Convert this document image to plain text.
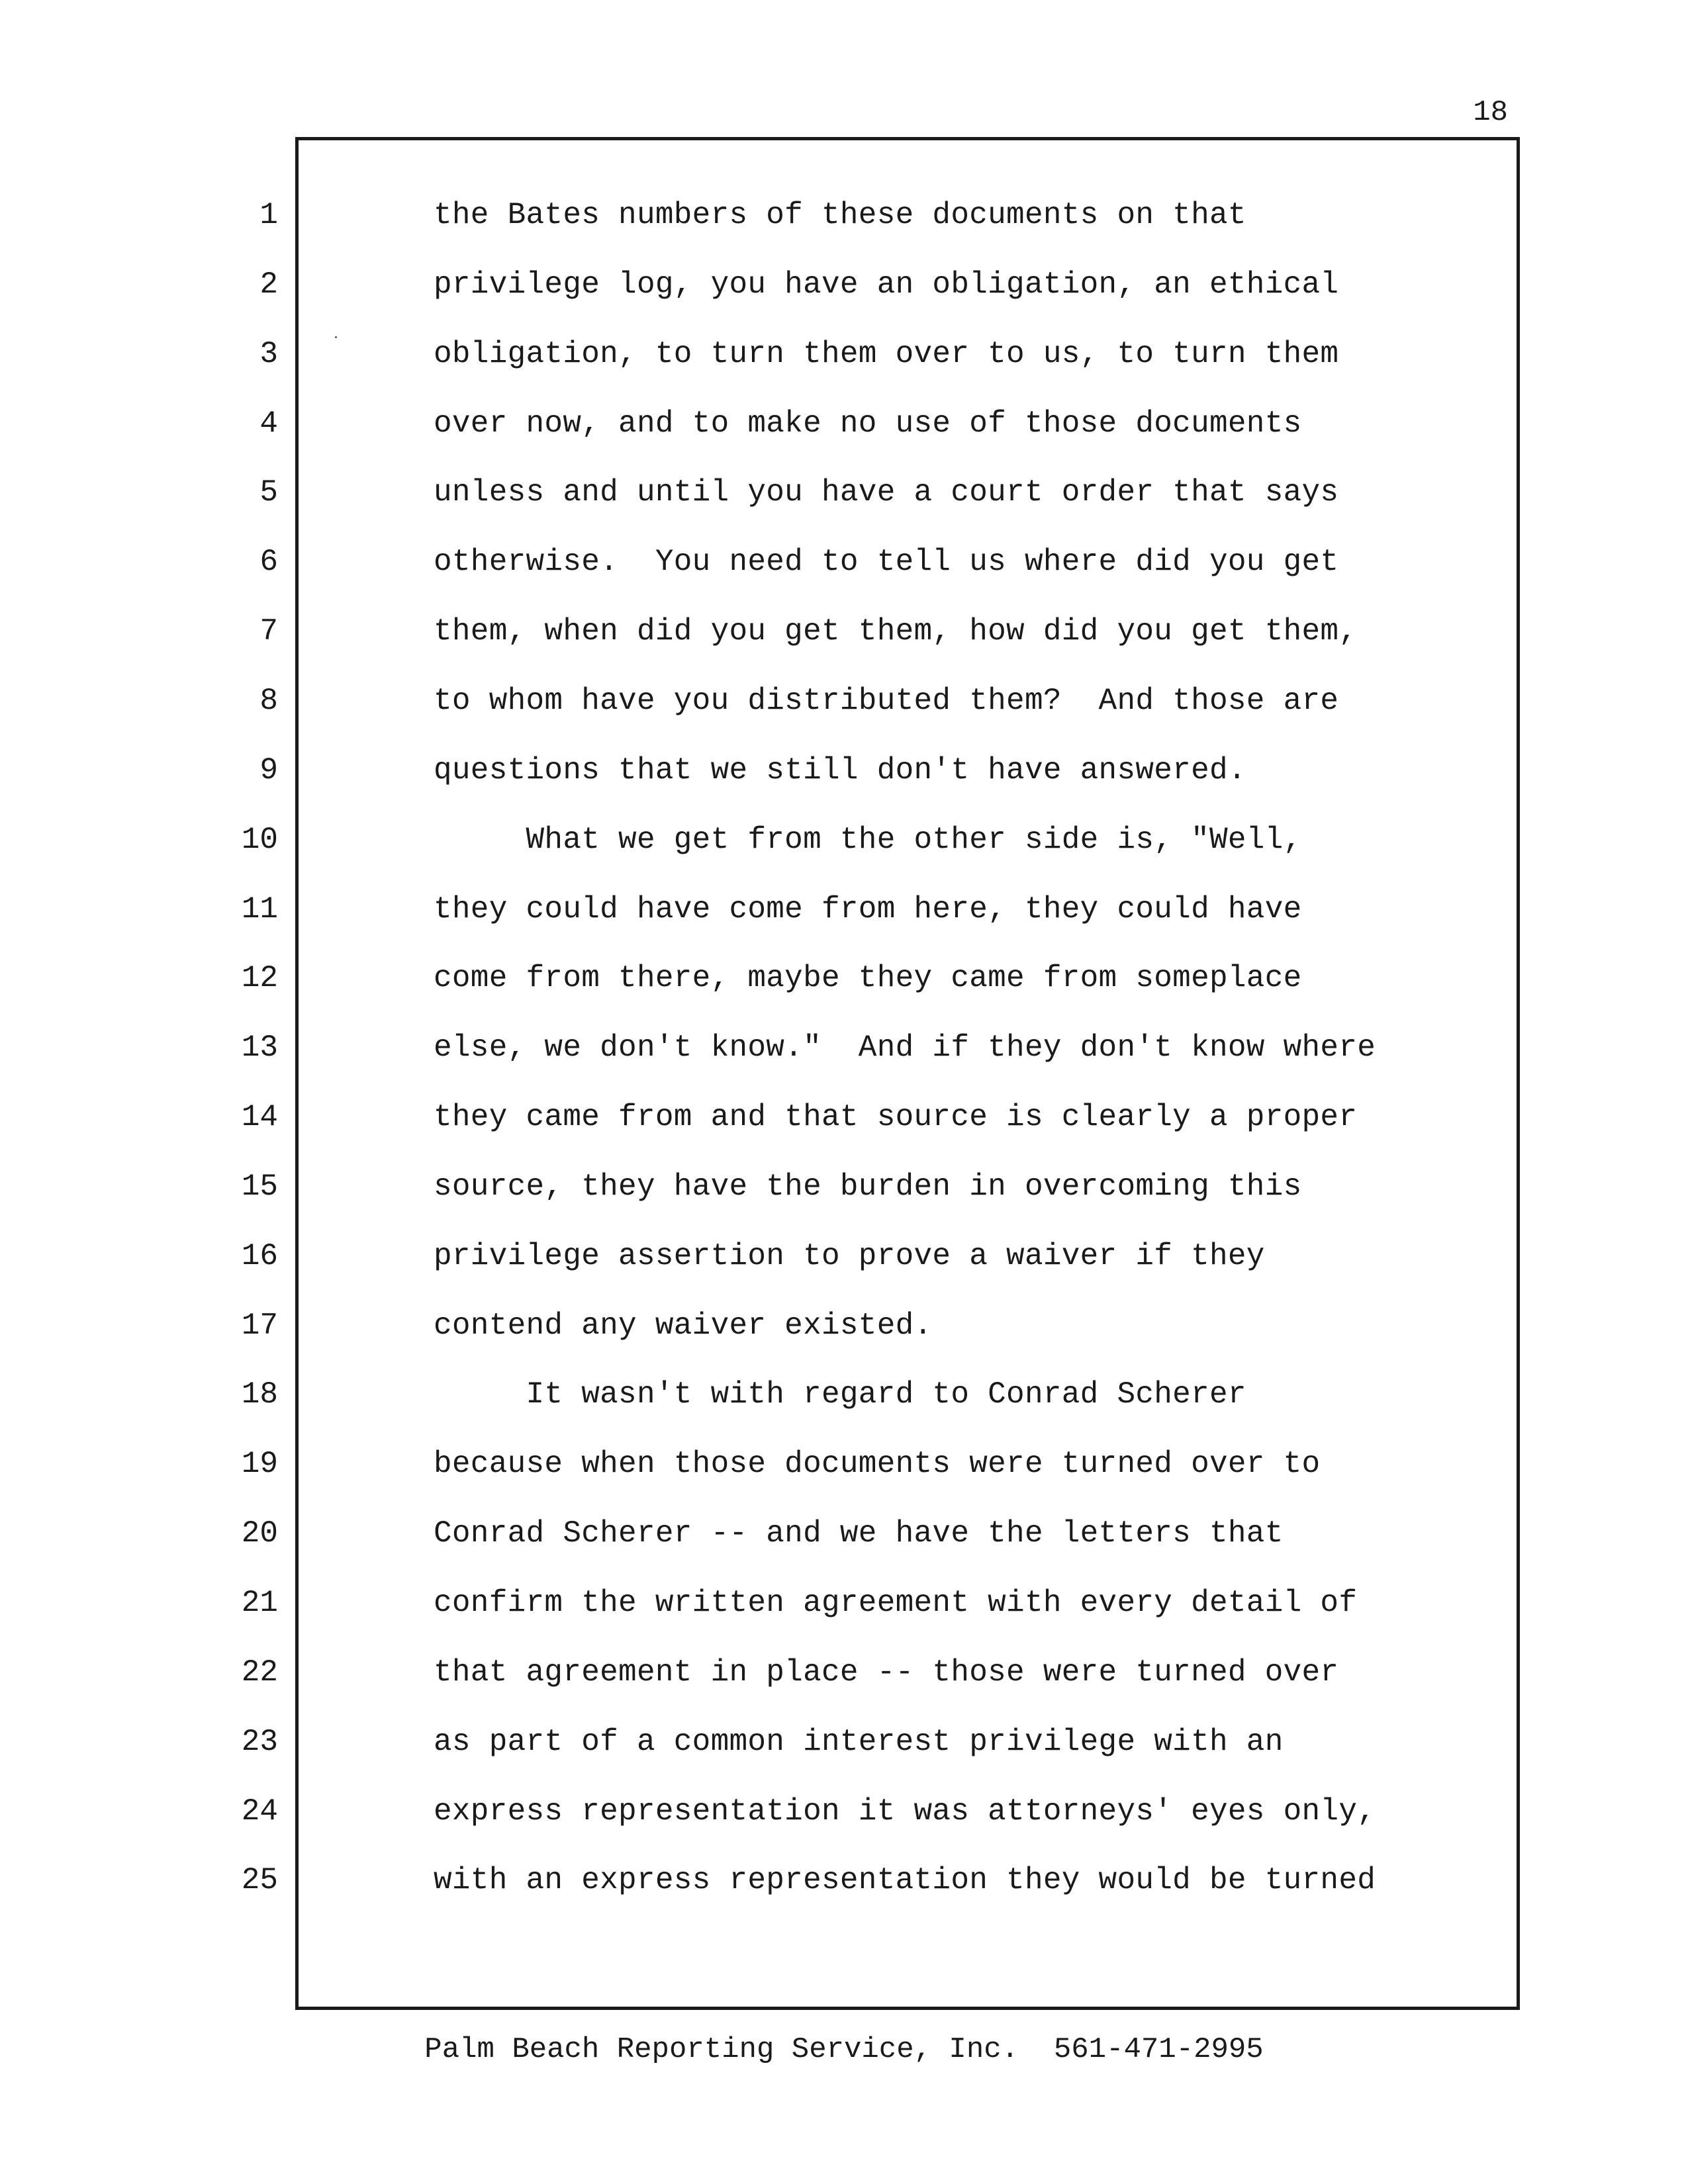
18
1
2
3
4
5
6
7
8
9
10
11
12
13
14
15
16
17
18
19
20
21
22
23
24
25
the Bates numbers of these documents on that
privilege log, you have an obligation, an ethical
obligation, to turn them over to us, to turn them
over now, and to make no use of those documents
unless and until you have a court order that says
otherwise.  You need to tell us where did you get
them, when did you get them, how did you get them,
to whom have you distributed them?  And those are
questions that we still don't have answered.
What we get from the other side is, "Well,
they could have come from here, they could have
come from there, maybe they came from someplace
else, we don't know."  And if they don't know where
they came from and that source is clearly a proper
source, they have the burden in overcoming this
privilege assertion to prove a waiver if they
contend any waiver existed.
It wasn't with regard to Conrad Scherer
because when those documents were turned over to
Conrad Scherer -- and we have the letters that
confirm the written agreement with every detail of
that agreement in place -- those were turned over
as part of a common interest privilege with an
express representation it was attorneys' eyes only,
with an express representation they would be turned
Palm Beach Reporting Service, Inc.  561-471-2995
